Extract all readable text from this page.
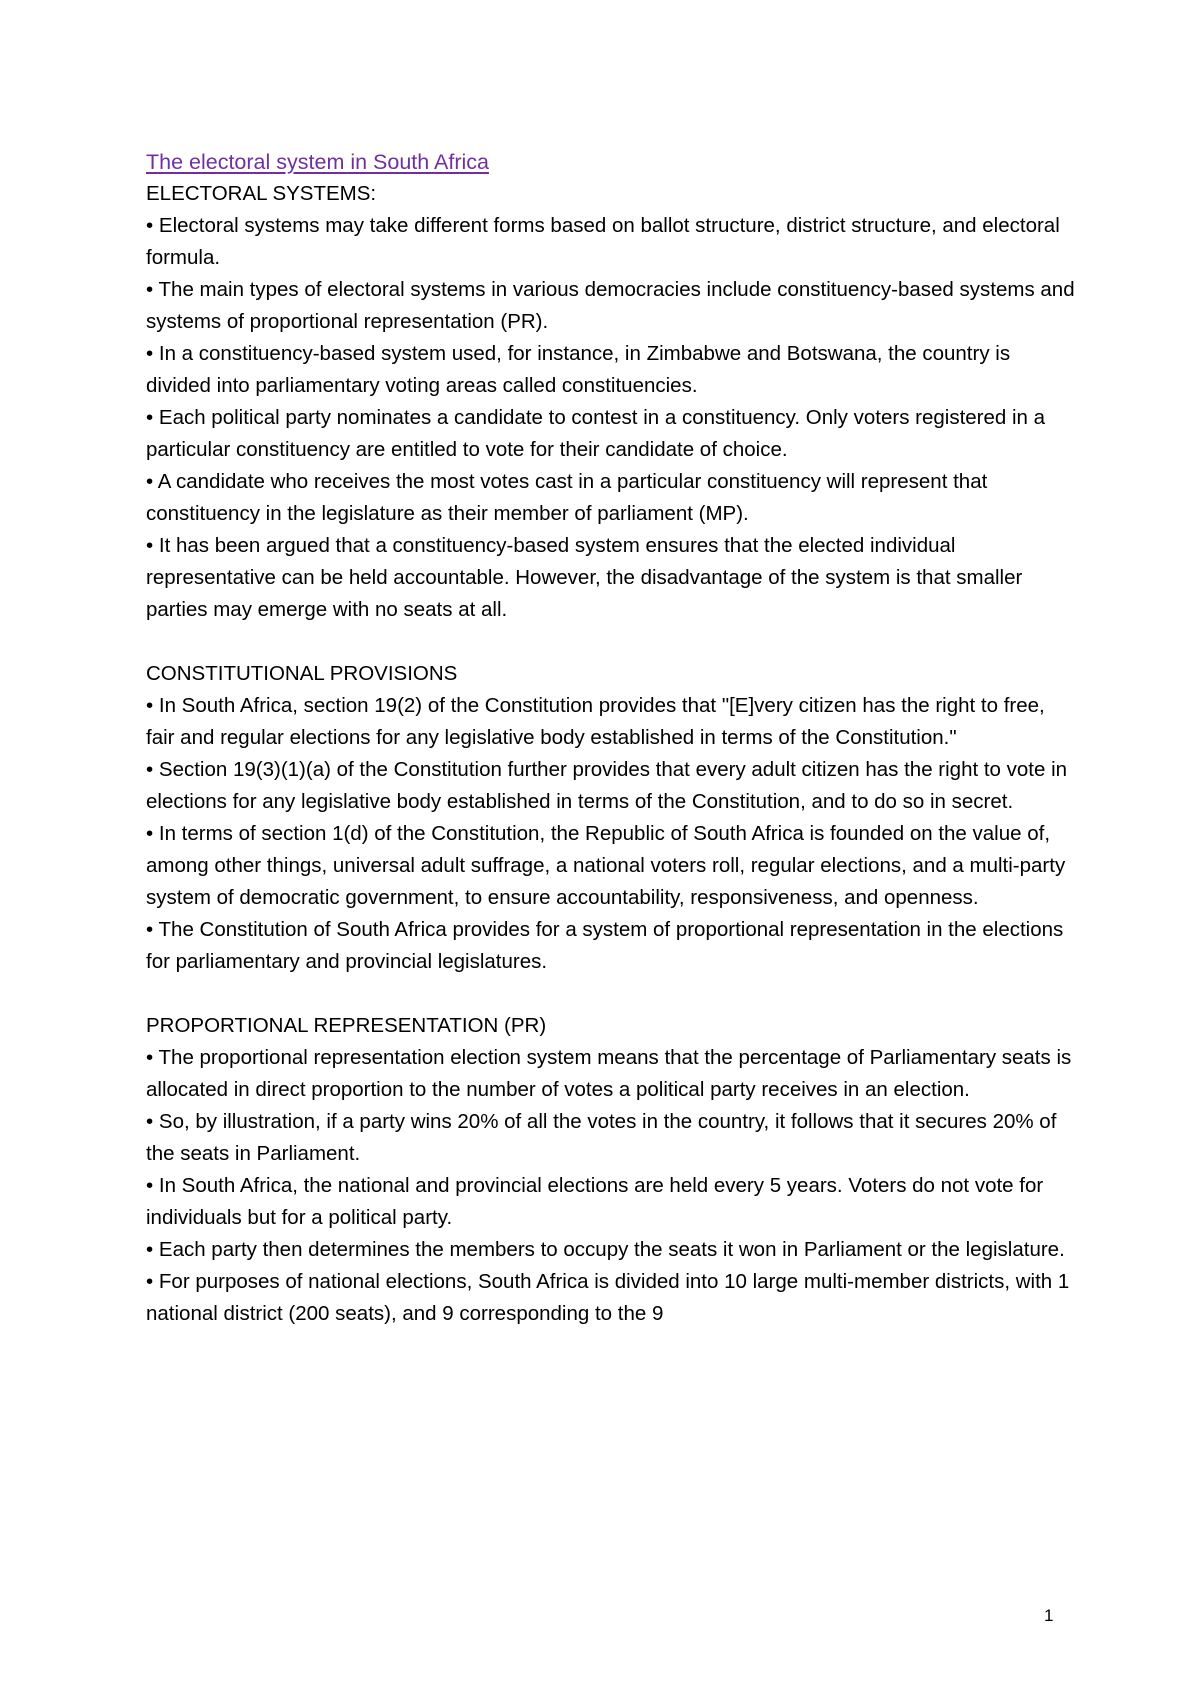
The electoral system in South Africa

ELECTORAL SYSTEMS:

• Electoral systems may take different forms based on ballot structure, district structure, and electoral formula.

• The main types of electoral systems in various democracies include constituency-based systems and systems of proportional representation (PR).

• In a constituency-based system used, for instance, in Zimbabwe and Botswana, the country is divided into parliamentary voting areas called constituencies.

• Each political party nominates a candidate to contest in a constituency. Only voters registered in a particular constituency are entitled to vote for their candidate of choice.

• A candidate who receives the most votes cast in a particular constituency will represent that constituency in the legislature as their member of parliament (MP).

• It has been argued that a constituency-based system ensures that the elected individual representative can be held accountable. However, the disadvantage of the system is that smaller parties may emerge with no seats at all.

CONSTITUTIONAL PROVISIONS

• In South Africa, section 19(2) of the Constitution provides that "[E]very citizen has the right to free, fair and regular elections for any legislative body established in terms of the Constitution."

• Section 19(3)(1)(a) of the Constitution further provides that every adult citizen has the right to vote in elections for any legislative body established in terms of the Constitution, and to do so in secret.

• In terms of section 1(d) of the Constitution, the Republic of South Africa is founded on the value of, among other things, universal adult suffrage, a national voters roll, regular elections, and a multi-party system of democratic government, to ensure accountability, responsiveness, and openness.

• The Constitution of South Africa provides for a system of proportional representation in the elections for parliamentary and provincial legislatures.

PROPORTIONAL REPRESENTATION (PR)

• The proportional representation election system means that the percentage of Parliamentary seats is allocated in direct proportion to the number of votes a political party receives in an election.

• So, by illustration, if a party wins 20% of all the votes in the country, it follows that it secures 20% of the seats in Parliament.

• In South Africa, the national and provincial elections are held every 5 years. Voters do not vote for individuals but for a political party.

• Each party then determines the members to occupy the seats it won in Parliament or the legislature.

• For purposes of national elections, South Africa is divided into 10 large multi-member districts, with 1 national district (200 seats), and 9 corresponding to the 9

1
